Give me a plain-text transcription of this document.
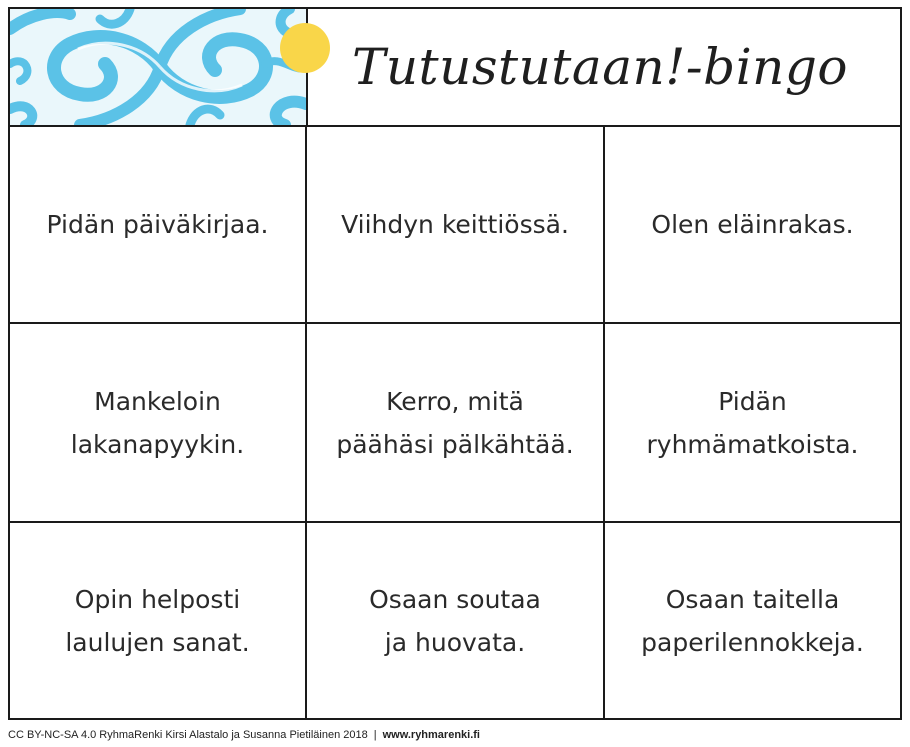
Tutustutaan!-bingo
Pidän päiväkirjaa.	Viihdyn keittiössä.	Olen eläinrakas.
Mankeloin
lakanapyykin.
Kerro, mitä
päähäsi pälkähtää.
Pidän
ryhmämatkoista.
Opin helposti
laulujen sanat.
Osaan soutaa
ja huovata.
Osaan taitella
paperilennokkeja.
CC BY-NC-SA 4.0 RyhmaRenki Kirsi Alastalo ja Susanna Pietiläinen 2018 | www.ryhmarenki.fi
